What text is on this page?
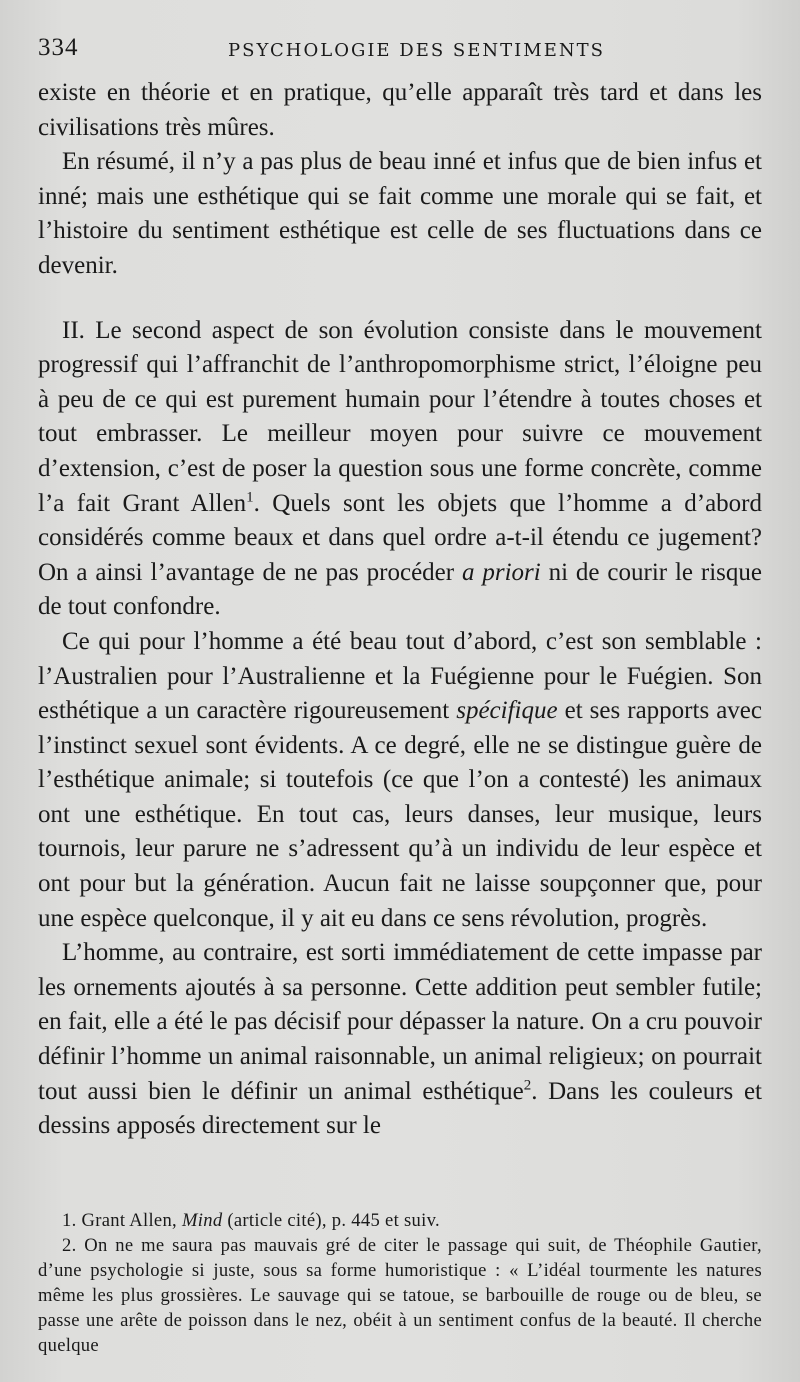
334	PSYCHOLOGIE DES SENTIMENTS

existe en théorie et en pratique, qu’elle apparaît très tard et dans les civilisations très mûres.

En résumé, il n’y a pas plus de beau inné et infus que de bien infus et inné; mais une esthétique qui se fait comme une morale qui se fait, et l’histoire du sentiment esthétique est celle de ses fluctuations dans ce devenir.

II. Le second aspect de son évolution consiste dans le mouvement progressif qui l’affranchit de l’anthropomorphisme strict, l’éloigne peu à peu de ce qui est purement humain pour l’étendre à toutes choses et tout embrasser. Le meilleur moyen pour suivre ce mouvement d’extension, c’est de poser la question sous une forme concrète, comme l’a fait Grant Allen$^1$. Quels sont les objets que l’homme a d’abord considérés comme beaux et dans quel ordre a-t-il étendu ce jugement? On a ainsi l’avantage de ne pas procéder a priori ni de courir le risque de tout confondre.

Ce qui pour l’homme a été beau tout d’abord, c’est son semblable : l’Australien pour l’Australienne et la Fuégienne pour le Fuégien. Son esthétique a un caractère rigoureusement spécifique et ses rapports avec l’instinct sexuel sont évidents. A ce degré, elle ne se distingue guère de l’esthétique animale; si toutefois (ce que l’on a contesté) les animaux ont une esthétique. En tout cas, leurs danses, leur musique, leurs tournois, leur parure ne s’adressent qu’à un individu de leur espèce et ont pour but la génération. Aucun fait ne laisse soupçonner que, pour une espèce quelconque, il y ait eu dans ce sens révolution, progrès.

L’homme, au contraire, est sorti immédiatement de cette impasse par les ornements ajoutés à sa personne. Cette addition peut sembler futile; en fait, elle a été le pas décisif pour dépasser la nature. On a cru pouvoir définir l’homme un animal raisonnable, un animal religieux; on pourrait tout aussi bien le définir un animal esthétique$^2$. Dans les couleurs et dessins apposés directement sur le

1. Grant Allen, Mind (article cité), p. 445 et suiv.

2. On ne me saura pas mauvais gré de citer le passage qui suit, de Théophile Gautier, d’une psychologie si juste, sous sa forme humoristique : « L’idéal tourmente les natures même les plus grossières. Le sauvage qui se tatoue, se barbouille de rouge ou de bleu, se passe une arête de poisson dans le nez, obéit à un sentiment confus de la beauté. Il cherche quelque
